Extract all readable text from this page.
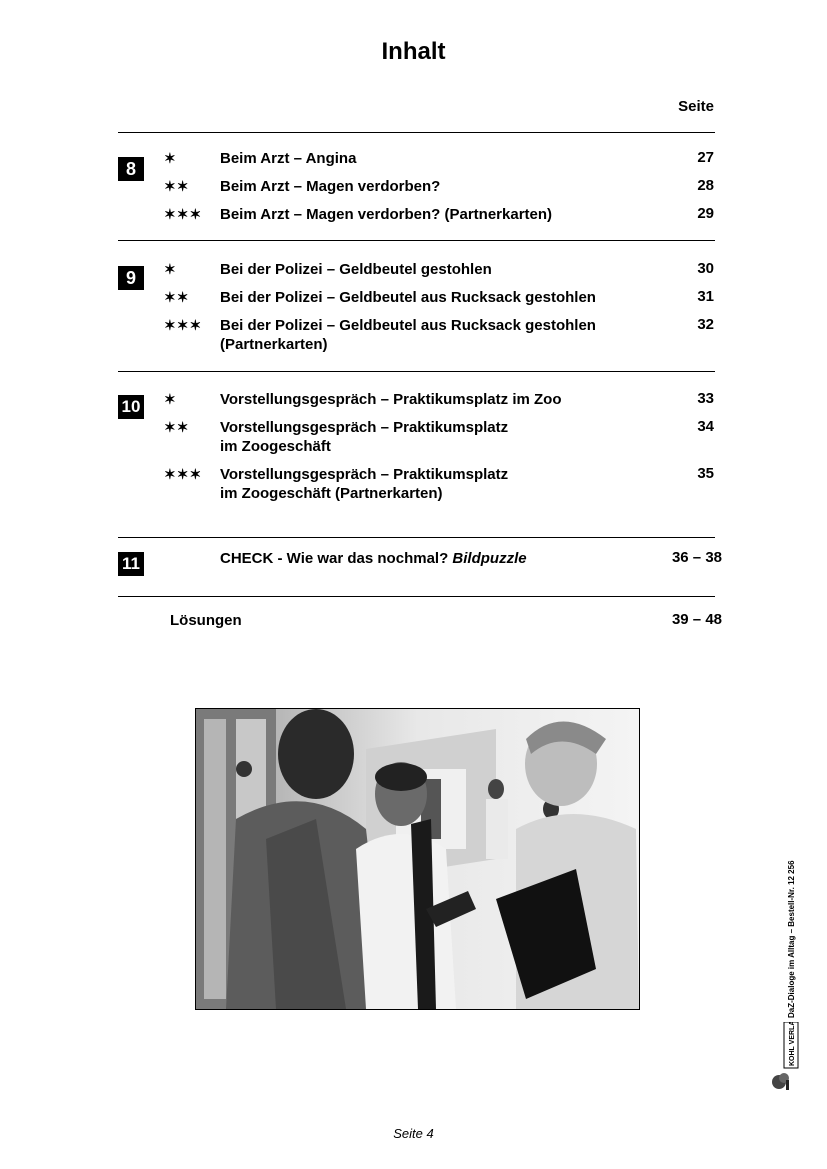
Inhalt
Seite
8
✶	Beim Arzt – Angina	27
✶✶ Beim Arzt – Magen verdorben?	28
✶✶✶ Beim Arzt – Magen verdorben? (Partnerkarten)	29
9	✶	Bei der Polizei – Geldbeutel gestohlen	30
✶✶ Bei der Polizei – Geldbeutel aus Rucksack gestohlen	31
✶✶✶ Bei der Polizei – Geldbeutel aus Rucksack gestohlen
(Partnerkarten)
32
10 ✶	Vorstellungsgespräch – Praktikumsplatz im Zoo	33
✶✶ Vorstellungsgespräch – Praktikumsplatz
im Zoogeschäft
34
✶✶✶ Vorstellungsgespräch – Praktikumsplatz
im Zoogeschäft (Partnerkarten)
35
11	CHECK - Wie war das nochmal? Bildpuzzle	36 – 38
Lösungen	39 – 48
DaZ-Dialoge im Alltag – Bestell-Nr. 12 256
KOHL VERLAG
Seite 4
